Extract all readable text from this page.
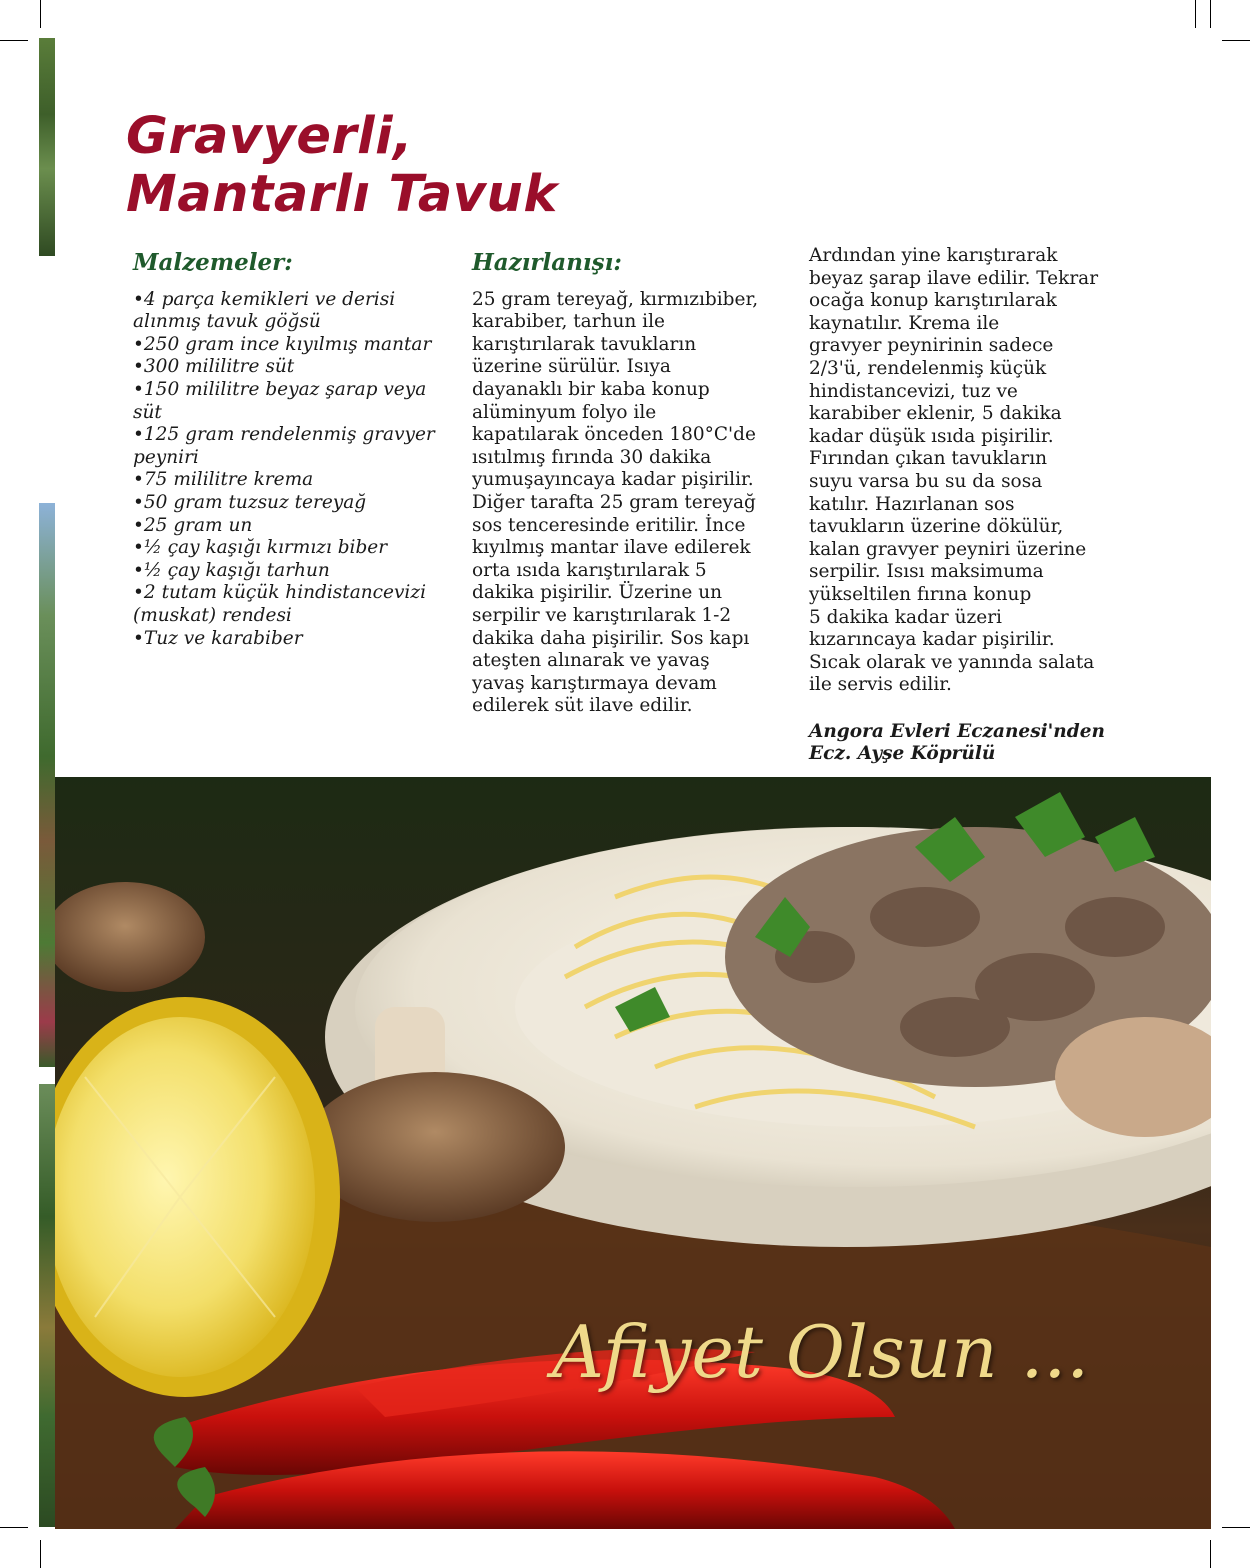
Gravyerli,
Mantarlı Tavuk
Malzemeler:

•4 parça kemikleri ve derisi

alınmış tavuk göğsü

•250 gram ince kıyılmış mantar

•300 mililitre süt

•150 mililitre beyaz şarap veya

süt

•125 gram rendelenmiş gravyer

peyniri

•75 mililitre krema

•50 gram tuzsuz tereyağ

•25 gram un

•½ çay kaşığı kırmızı biber

•½ çay kaşığı tarhun

•2 tutam küçük hindistancevizi

(muskat) rendesi

•Tuz ve karabiber

Hazırlanışı:

25 gram tereyağ, kırmızıbiber,

karabiber, tarhun ile

karıştırılarak tavukların

üzerine sürülür. Isıya

dayanaklı bir kaba konup

alüminyum folyo ile

kapatılarak önceden 180°C'de

ısıtılmış fırında 30 dakika

yumuşayıncaya kadar pişirilir.

Diğer tarafta 25 gram tereyağ

sos tenceresinde eritilir. İnce

kıyılmış mantar ilave edilerek

orta ısıda karıştırılarak 5

dakika pişirilir. Üzerine un

serpilir ve karıştırılarak 1-2

dakika daha pişirilir. Sos kapı

ateşten alınarak ve yavaş

yavaş karıştırmaya devam

edilerek süt ilave edilir.

Ardından yine karıştırarak

beyaz şarap ilave edilir. Tekrar

ocağa konup karıştırılarak

kaynatılır. Krema ile

gravyer peynirinin sadece

2/3'ü, rendelenmiş küçük

hindistancevizi, tuz ve

karabiber eklenir, 5 dakika

kadar düşük ısıda pişirilir.

Fırından çıkan tavukların

suyu varsa bu su da sosa

katılır. Hazırlanan sos

tavukların üzerine dökülür,

kalan gravyer peyniri üzerine

serpilir. Isısı maksimuma

yükseltilen fırına konup

5 dakika kadar üzeri

kızarıncaya kadar pişirilir.

Sıcak olarak ve yanında salata

ile servis edilir.

Angora Evleri Eczanesi'nden
Ecz. Ayşe Köprülü
Afiyet Olsun ...
